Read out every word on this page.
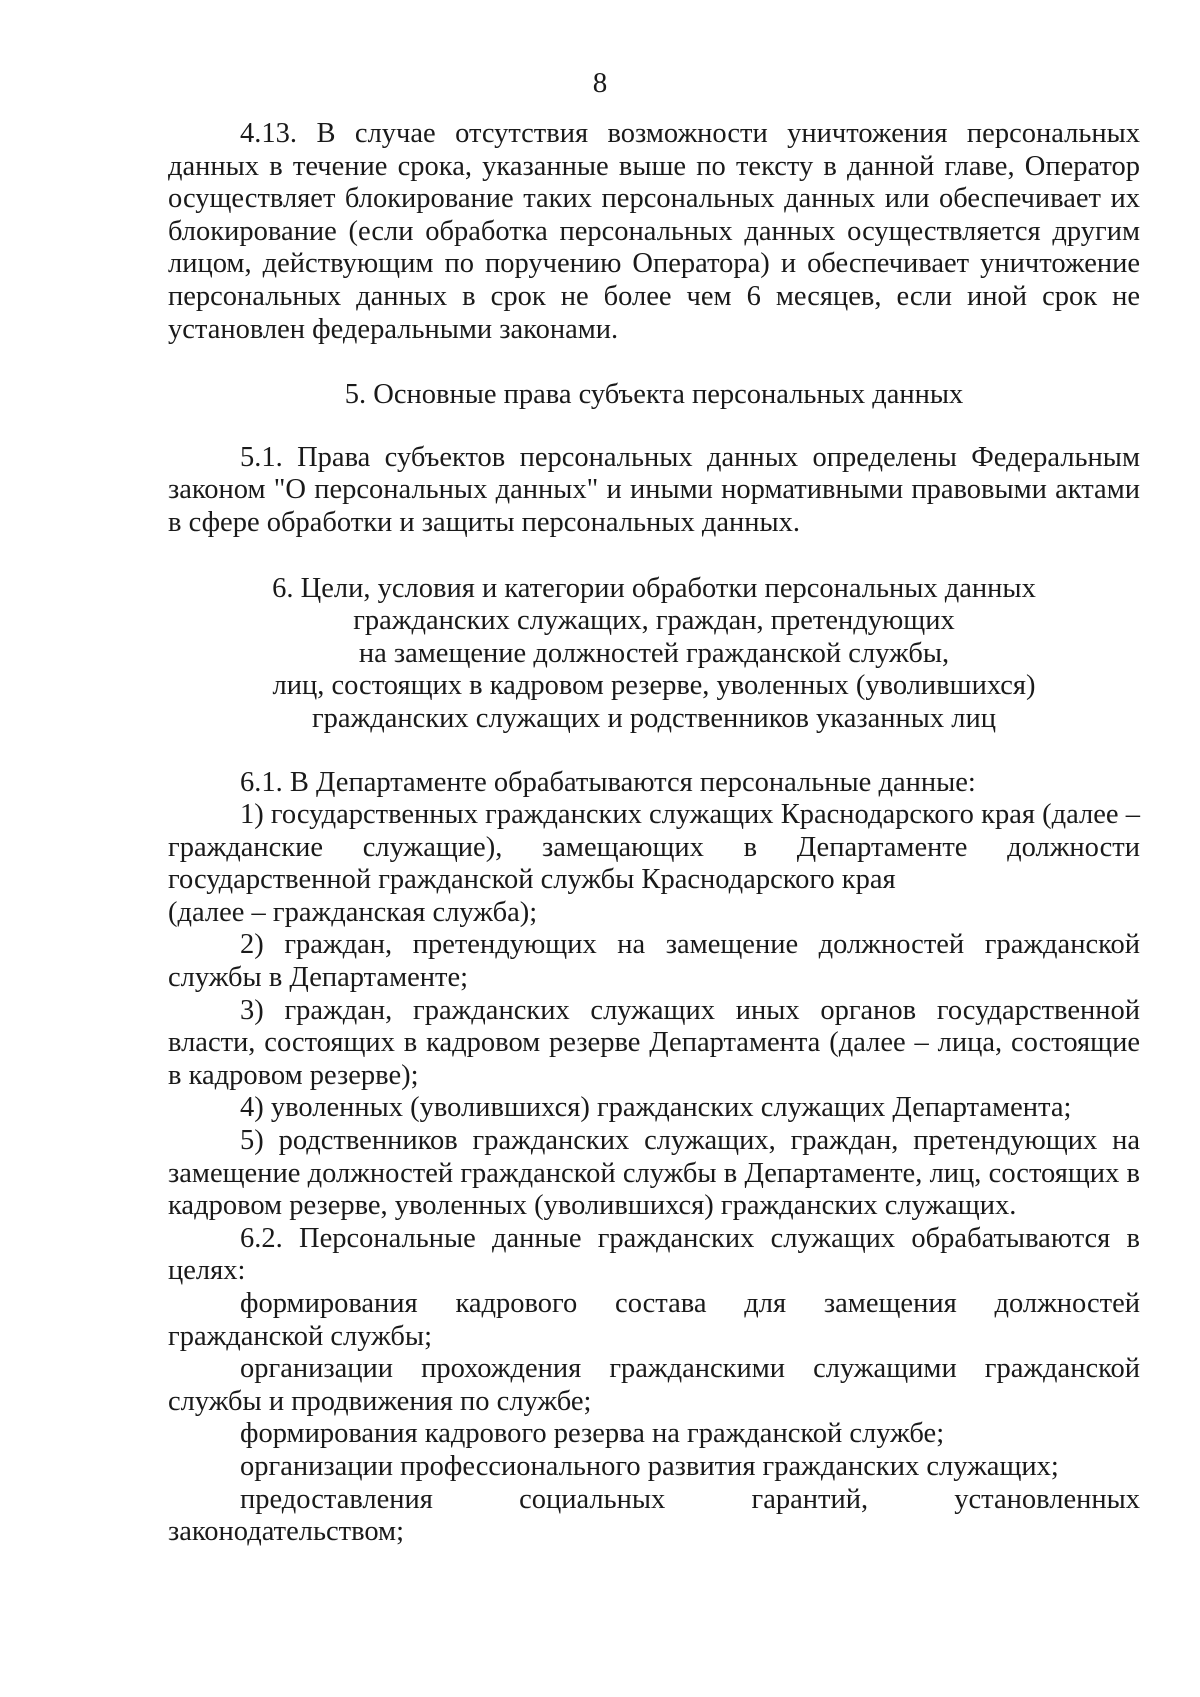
8

4.13. В случае отсутствия возможности уничтожения персональных данных в течение срока, указанные выше по тексту в данной главе, Оператор осуществляет блокирование таких персональных данных или обеспечивает их блокирование (если обработка персональных данных осуществляется другим лицом, действующим по поручению Оператора) и обеспечивает уничтожение персональных данных в срок не более чем 6 месяцев, если иной срок не установлен федеральными законами.

5. Основные права субъекта персональных данных

5.1. Права субъектов персональных данных определены Федеральным законом "О персональных данных" и иными нормативными правовыми актами в сфере обработки и защиты персональных данных.

6. Цели, условия и категории обработки персональных данных
гражданских служащих, граждан, претендующих
на замещение должностей гражданской службы,
лиц, состоящих в кадровом резерве, уволенных (уволившихся)
гражданских служащих и родственников указанных лиц

6.1. В Департаменте обрабатываются персональные данные:

1) государственных гражданских служащих Краснодарского края (далее – гражданские служащие), замещающих в Департаменте должности государственной гражданской службы Краснодарского края

(далее – гражданская служба);

2) граждан, претендующих на замещение должностей гражданской службы в Департаменте;

3) граждан, гражданских служащих иных органов государственной власти, состоящих в кадровом резерве Департамента (далее – лица, состоящие в кадровом резерве);

4) уволенных (уволившихся) гражданских служащих Департамента;

5) родственников гражданских служащих, граждан, претендующих на замещение должностей гражданской службы в Департаменте, лиц, состоящих в кадровом резерве, уволенных (уволившихся) гражданских служащих.

6.2. Персональные данные гражданских служащих обрабатываются в целях:

формирования кадрового состава для замещения должностей гражданской службы;

организации прохождения гражданскими служащими гражданской службы и продвижения по службе;

формирования кадрового резерва на гражданской службе;

организации профессионального развития гражданских служащих;

предоставления	социальных	гарантий,	установленных

законодательством;
